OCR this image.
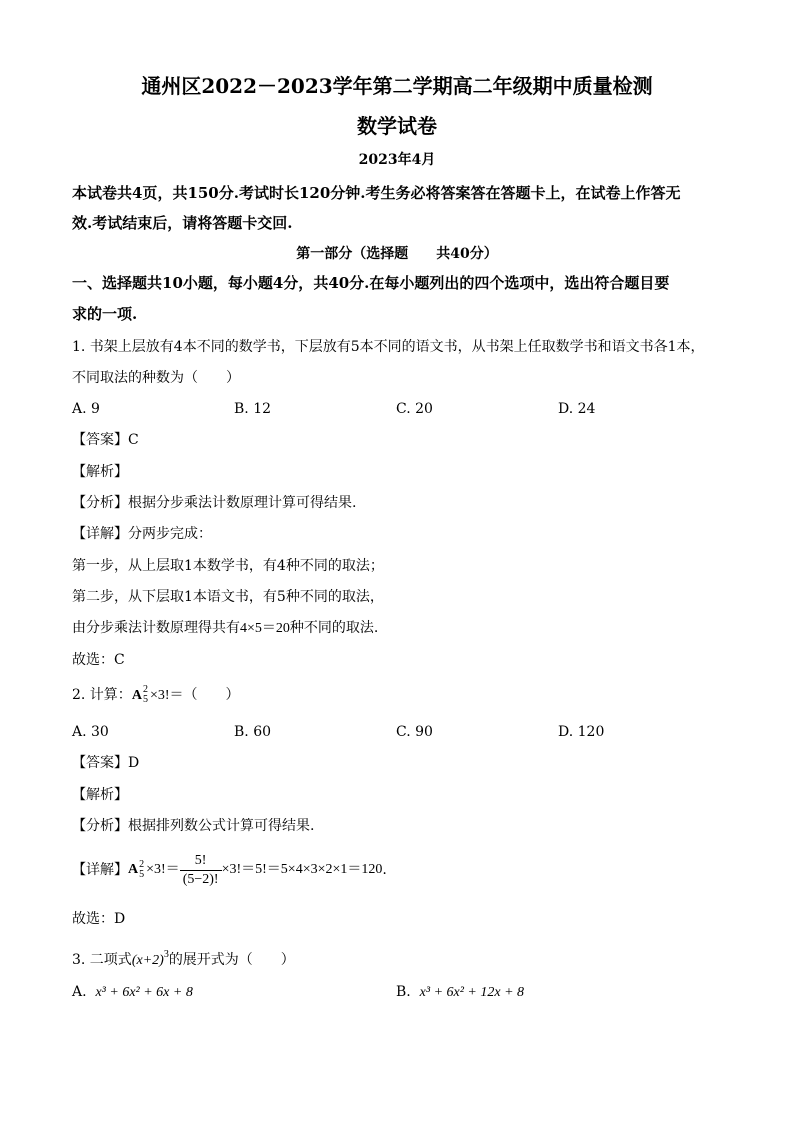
通州区2022－2023学年第二学期高二年级期中质量检测
数学试卷
2023年4月
本试卷共4页，共150分.考试时长120分钟.考生务必将答案答在答题卡上，在试卷上作答无
效.考试结束后，请将答题卡交回.
第一部分（选择题　　共40分）
一、选择题共10小题，每小题4分，共40分.在每小题列出的四个选项中，选出符合题目要
求的一项.
1. 书架上层放有4本不同的数学书，下层放有5本不同的语文书，从书架上任取数学书和语文书各1本，
不同取法的种数为（　　）
A. 9	B. 12	C. 20	D. 24
【答案】C
【解析】
【分析】根据分步乘法计数原理计算可得结果.
【详解】分两步完成：
第一步，从上层取1本数学书，有4种不同的取法；
第二步，从下层取1本语文书，有5种不同的取法，
由分步乘法计数原理得共有4×5＝20种不同的取法.
故选：C
2. 计算：A 2
5 ×3!＝（　　）
A. 30	B. 60	C. 90	D. 120
【答案】D
【解析】
【分析】根据排列数公式计算可得结果.
【详解】A 2
$5 \times 3!= \frac{5!}{(5-2)!} \times 3!=5!=5\times 4\times 3\times 2\times 1=120$.
故选：D
3. 二项式$(x+2)^3$的展开式为（　　）
A. x³ + 6x² + 6x + 8	B. x³ + 6x² + 12x + 8
